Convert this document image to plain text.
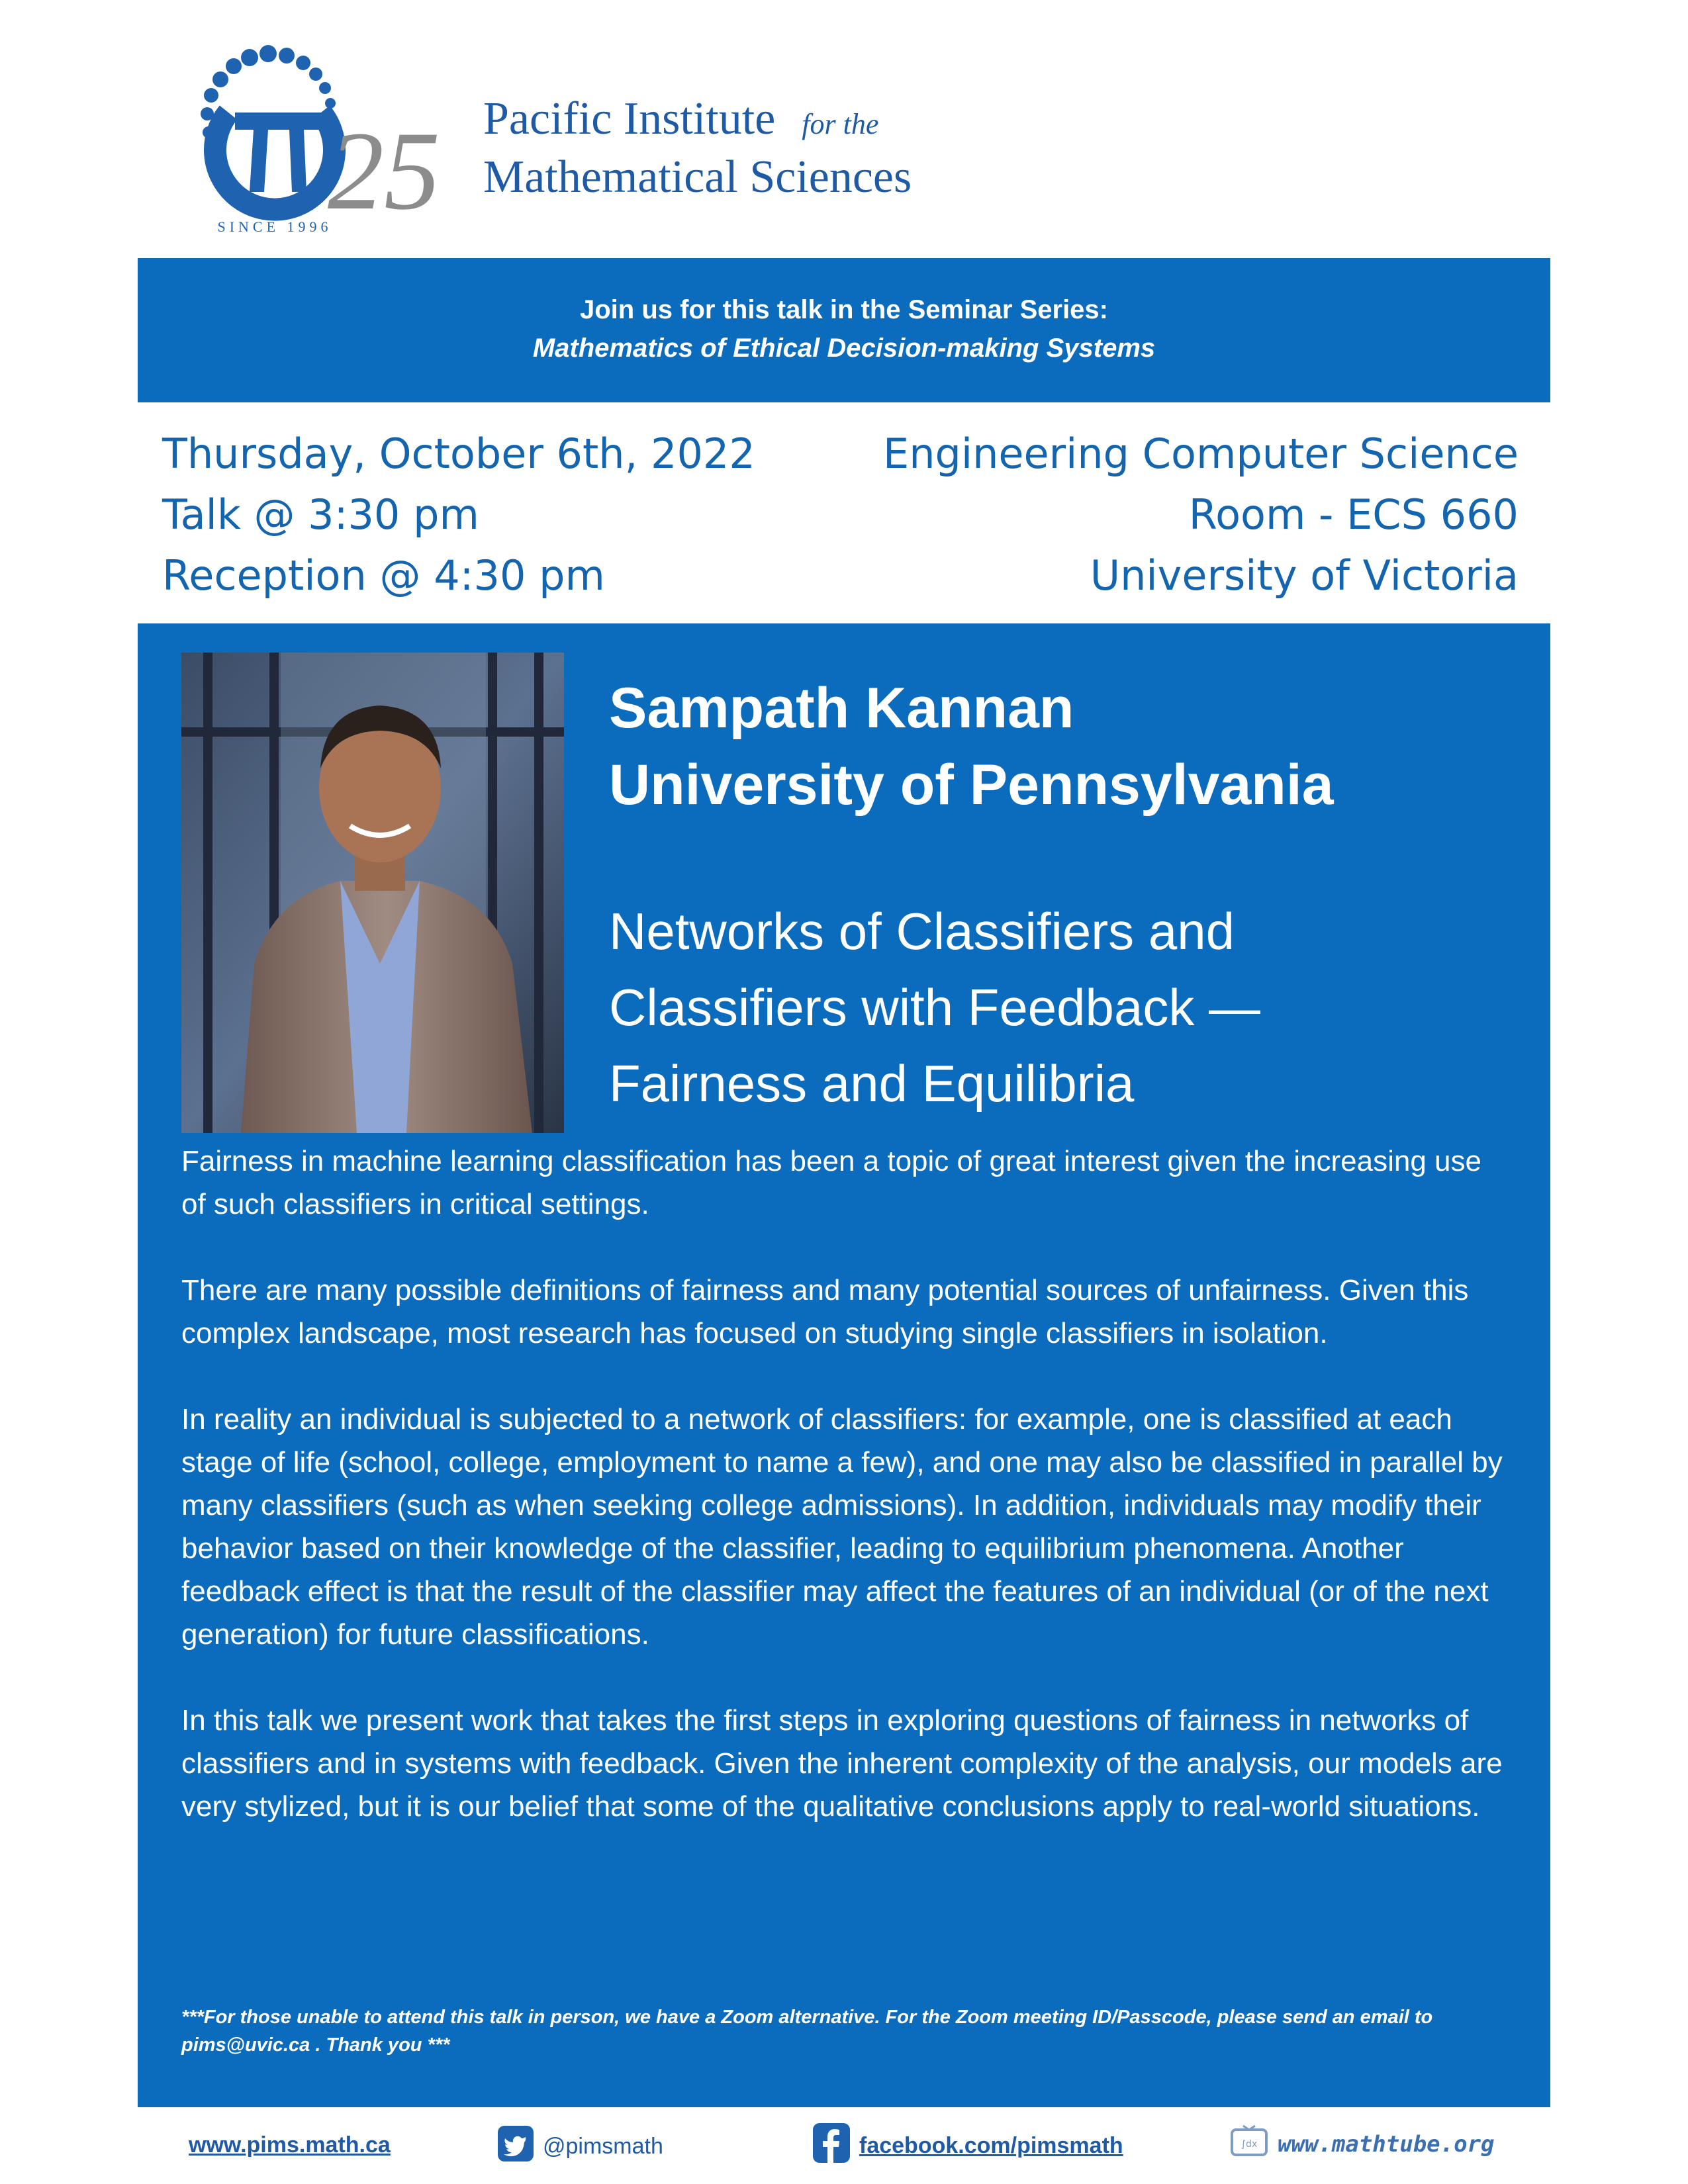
SINCE 1996
25 Pacific Institute for the
Mathematical Sciences
Join us for this talk in the Seminar Series:
Mathematics of Ethical Decision-making Systems
Thursday, October 6th, 2022
Talk @ 3:30 pm
Reception @ 4:30 pm
Engineering Computer Science
Room - ECS 660
University of Victoria
Sampath Kannan
University of Pennsylvania
Networks of Classifiers and
Classifiers with Feedback —
Fairness and Equilibria

Fairness in machine learning classification has been a topic of great interest given the increasing use of such classifiers in critical settings.

There are many possible definitions of fairness and many potential sources of unfairness. Given this complex landscape, most research has focused on studying single classifiers in isolation.

In reality an individual is subjected to a network of classifiers: for example, one is classified at each stage of life (school, college, employment to name a few), and one may also be classified in parallel by many classifiers (such as when seeking college admissions). In addition, individuals may modify their behavior based on their knowledge of the classifier, leading to equilibrium phenomena. Another feedback effect is that the result of the classifier may affect the features of an individual (or of the next generation) for future classifications.

In this talk we present work that takes the first steps in exploring questions of fairness in networks of classifiers and in systems with feedback. Given the inherent complexity of the analysis, our models are very stylized, but it is our belief that some of the qualitative conclusions apply to real-world situations.

***For those unable to attend this talk in person, we have a Zoom alternative. For the Zoom meeting ID/Passcode, please send an email to pims@uvic.ca . Thank you ***
www.pims.math.ca	@pimsmath	facebook.com/pimsmath	∫dx www.mathtube.org
